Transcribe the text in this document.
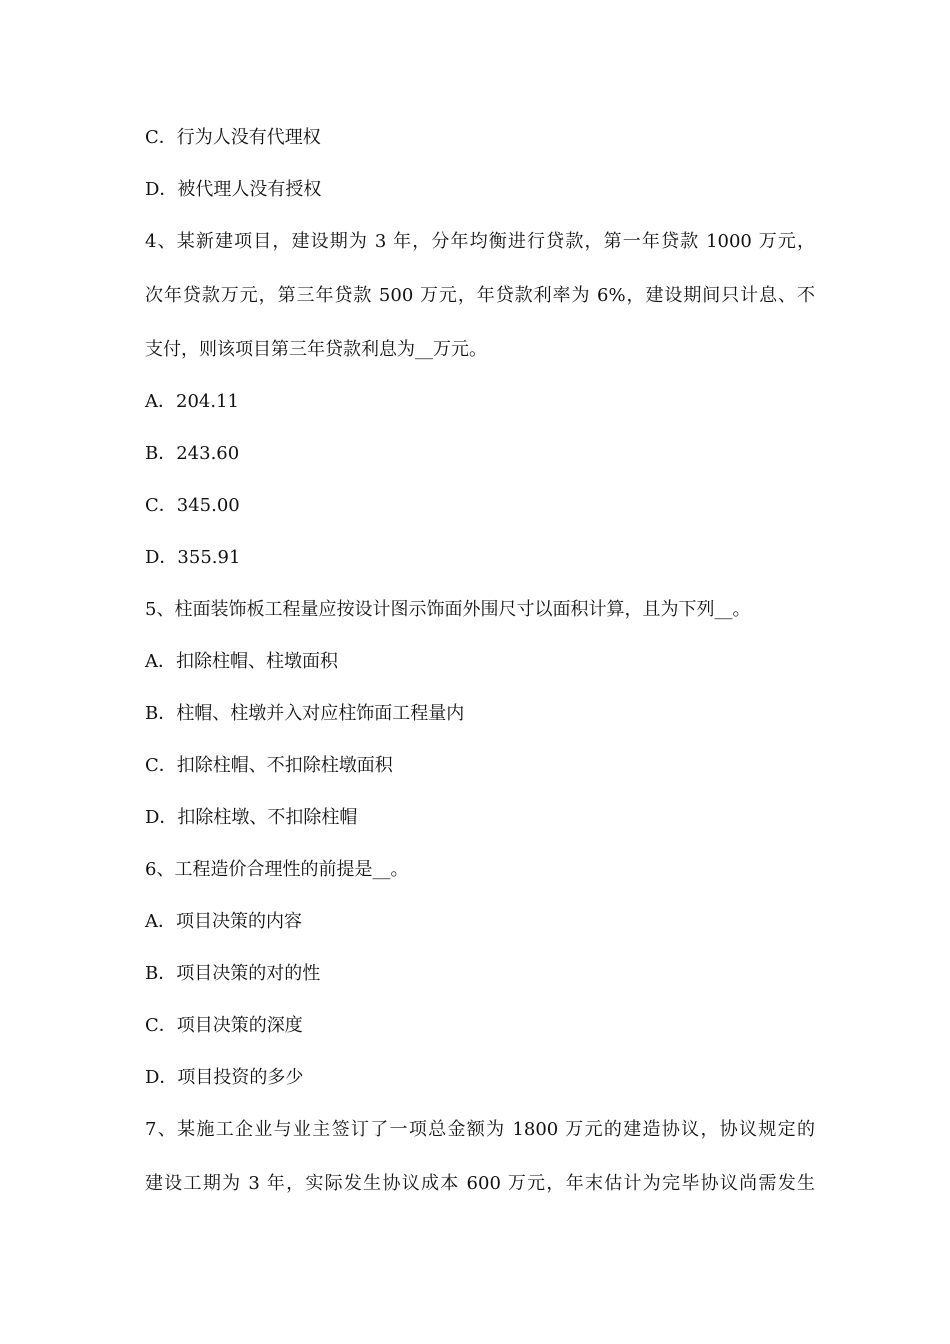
C．行为人没有代理权
D．被代理人没有授权
4、某新建项目，建设期为 3 年，分年均衡进行贷款，第一年贷款 1000 万元，
次年贷款万元，第三年贷款 500 万元，年贷款利率为 6%，建设期间只计息、不
支付，则该项目第三年贷款利息为__万元。
A．204.11
B．243.60
C．345.00
D．355.91
5、柱面装饰板工程量应按设计图示饰面外围尺寸以面积计算，且为下列__。
A．扣除柱帽、柱墩面积
B．柱帽、柱墩并入对应柱饰面工程量内
C．扣除柱帽、不扣除柱墩面积
D．扣除柱墩、不扣除柱帽
6、工程造价合理性的前提是__。
A．项目决策的内容
B．项目决策的对的性
C．项目决策的深度
D．项目投资的多少
7、某施工企业与业主签订了一项总金额为 1800 万元的建造协议，协议规定的
建设工期为 3 年，实际发生协议成本 600 万元，年末估计为完毕协议尚需发生
